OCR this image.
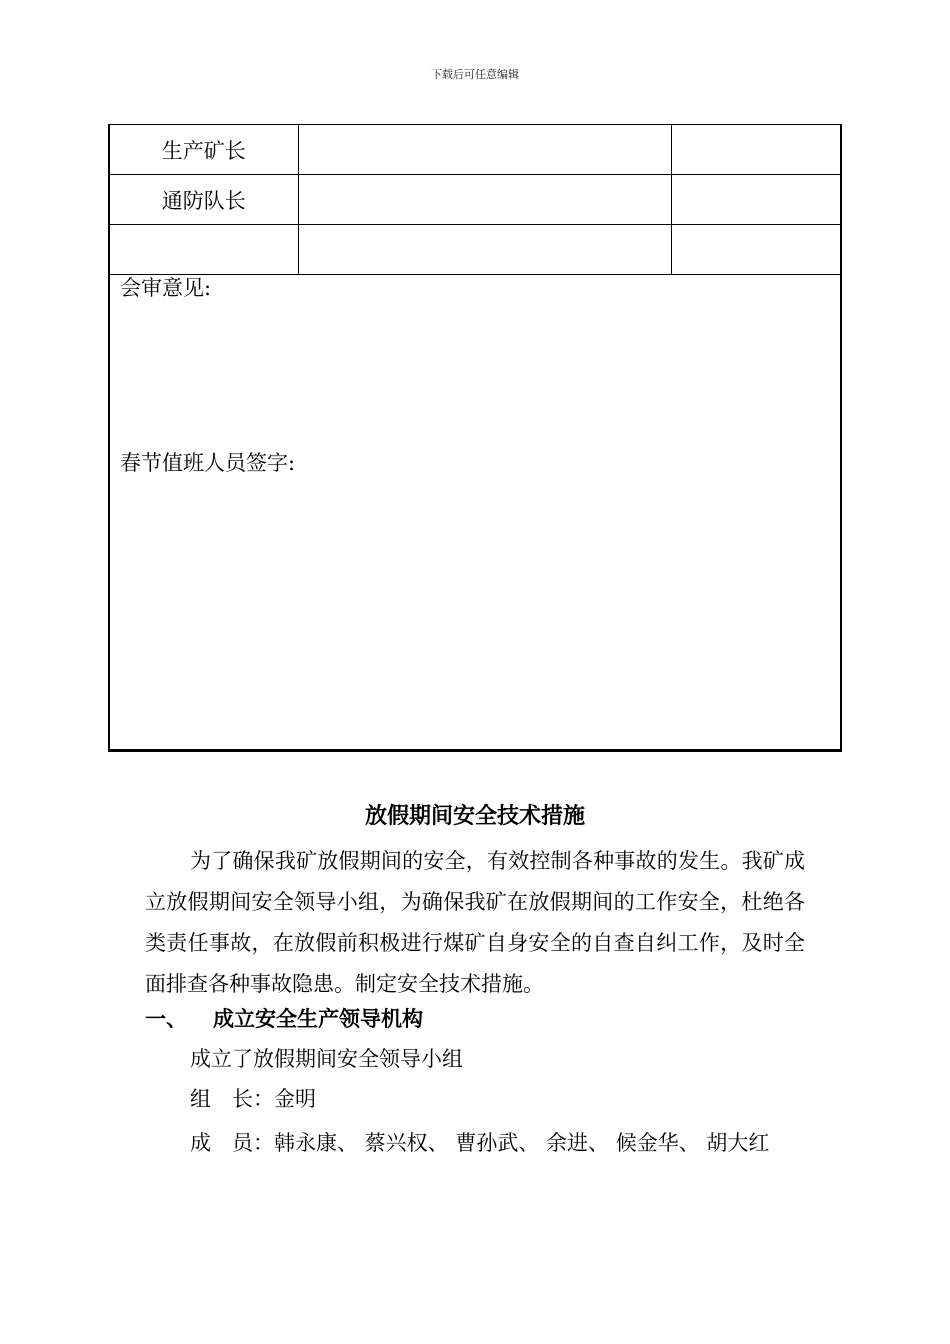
下载后可任意编辑
生产矿长		
通防队长		

会审意见:
春节值班人员签字:
放假期间安全技术措施

为了确保我矿放假期间的安全，有效控制各种事故的发生。我矿成立放假期间安全领导小组，为确保我矿在放假期间的工作安全，杜绝各类责任事故，在放假前积极进行煤矿自身安全的自查自纠工作，及时全面排查各种事故隐患。制定安全技术措施。

一、 成立安全生产领导机构
成立了放假期间安全领导小组
组　长：金明

成　员：韩永康、 蔡兴权、 曹孙武、 余进、 候金华、 胡大红
